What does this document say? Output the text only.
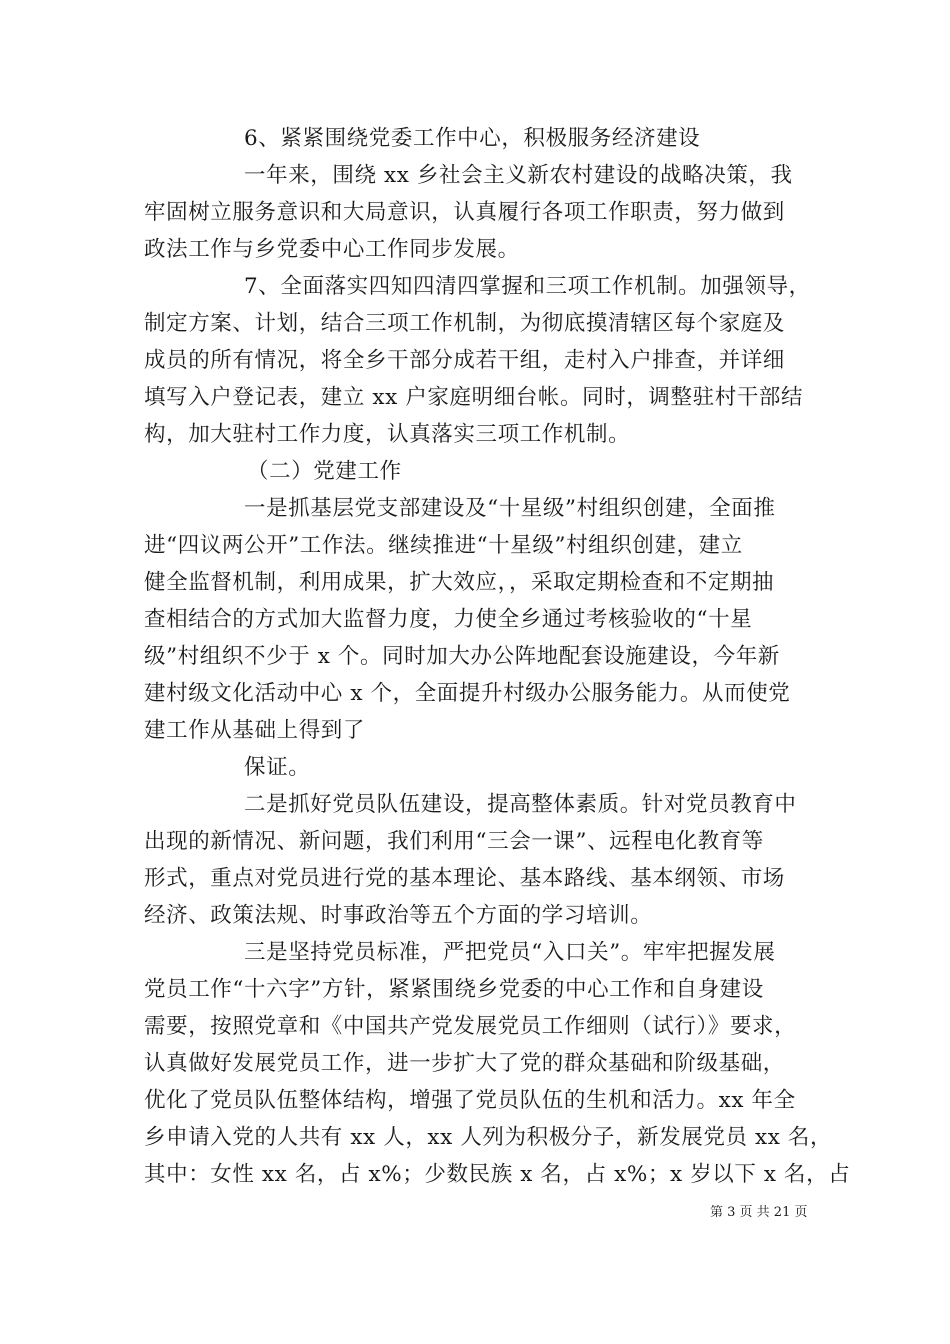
6、紧紧围绕党委工作中心，积极服务经济建设
一年来，围绕 xx 乡社会主义新农村建设的战略决策，我
牢固树立服务意识和大局意识，认真履行各项工作职责，努力做到
政法工作与乡党委中心工作同步发展。
7、全面落实四知四清四掌握和三项工作机制。加强领导，
制定方案、计划，结合三项工作机制，为彻底摸清辖区每个家庭及
成员的所有情况，将全乡干部分成若干组，走村入户排查，并详细
填写入户登记表，建立 xx 户家庭明细台帐。同时，调整驻村干部结
构，加大驻村工作力度，认真落实三项工作机制。
（二）党建工作
一是抓基层党支部建设及“十星级”村组织创建，全面推
进“四议两公开”工作法。继续推进“十星级”村组织创建，建立
健全监督机制，利用成果，扩大效应，，采取定期检查和不定期抽
查相结合的方式加大监督力度，力使全乡通过考核验收的“十星
级”村组织不少于 x 个。同时加大办公阵地配套设施建设，今年新
建村级文化活动中心 x 个，全面提升村级办公服务能力。从而使党
建工作从基础上得到了
保证。
二是抓好党员队伍建设，提高整体素质。针对党员教育中
出现的新情况、新问题，我们利用“三会一课”、远程电化教育等
形式，重点对党员进行党的基本理论、基本路线、基本纲领、市场
经济、政策法规、时事政治等五个方面的学习培训。
三是坚持党员标准，严把党员“入口关”。牢牢把握发展
党员工作“十六字”方针，紧紧围绕乡党委的中心工作和自身建设
需要，按照党章和《中国共产党发展党员工作细则（试行）》要求，
认真做好发展党员工作，进一步扩大了党的群众基础和阶级基础，
优化了党员队伍整体结构，增强了党员队伍的生机和活力。xx 年全
乡申请入党的人共有 xx 人，xx 人列为积极分子，新发展党员 xx 名，
其中：女性 xx 名，占 x%；少数民族 x 名，占 x%；x 岁以下 x 名，占
第 3 页 共 21 页
